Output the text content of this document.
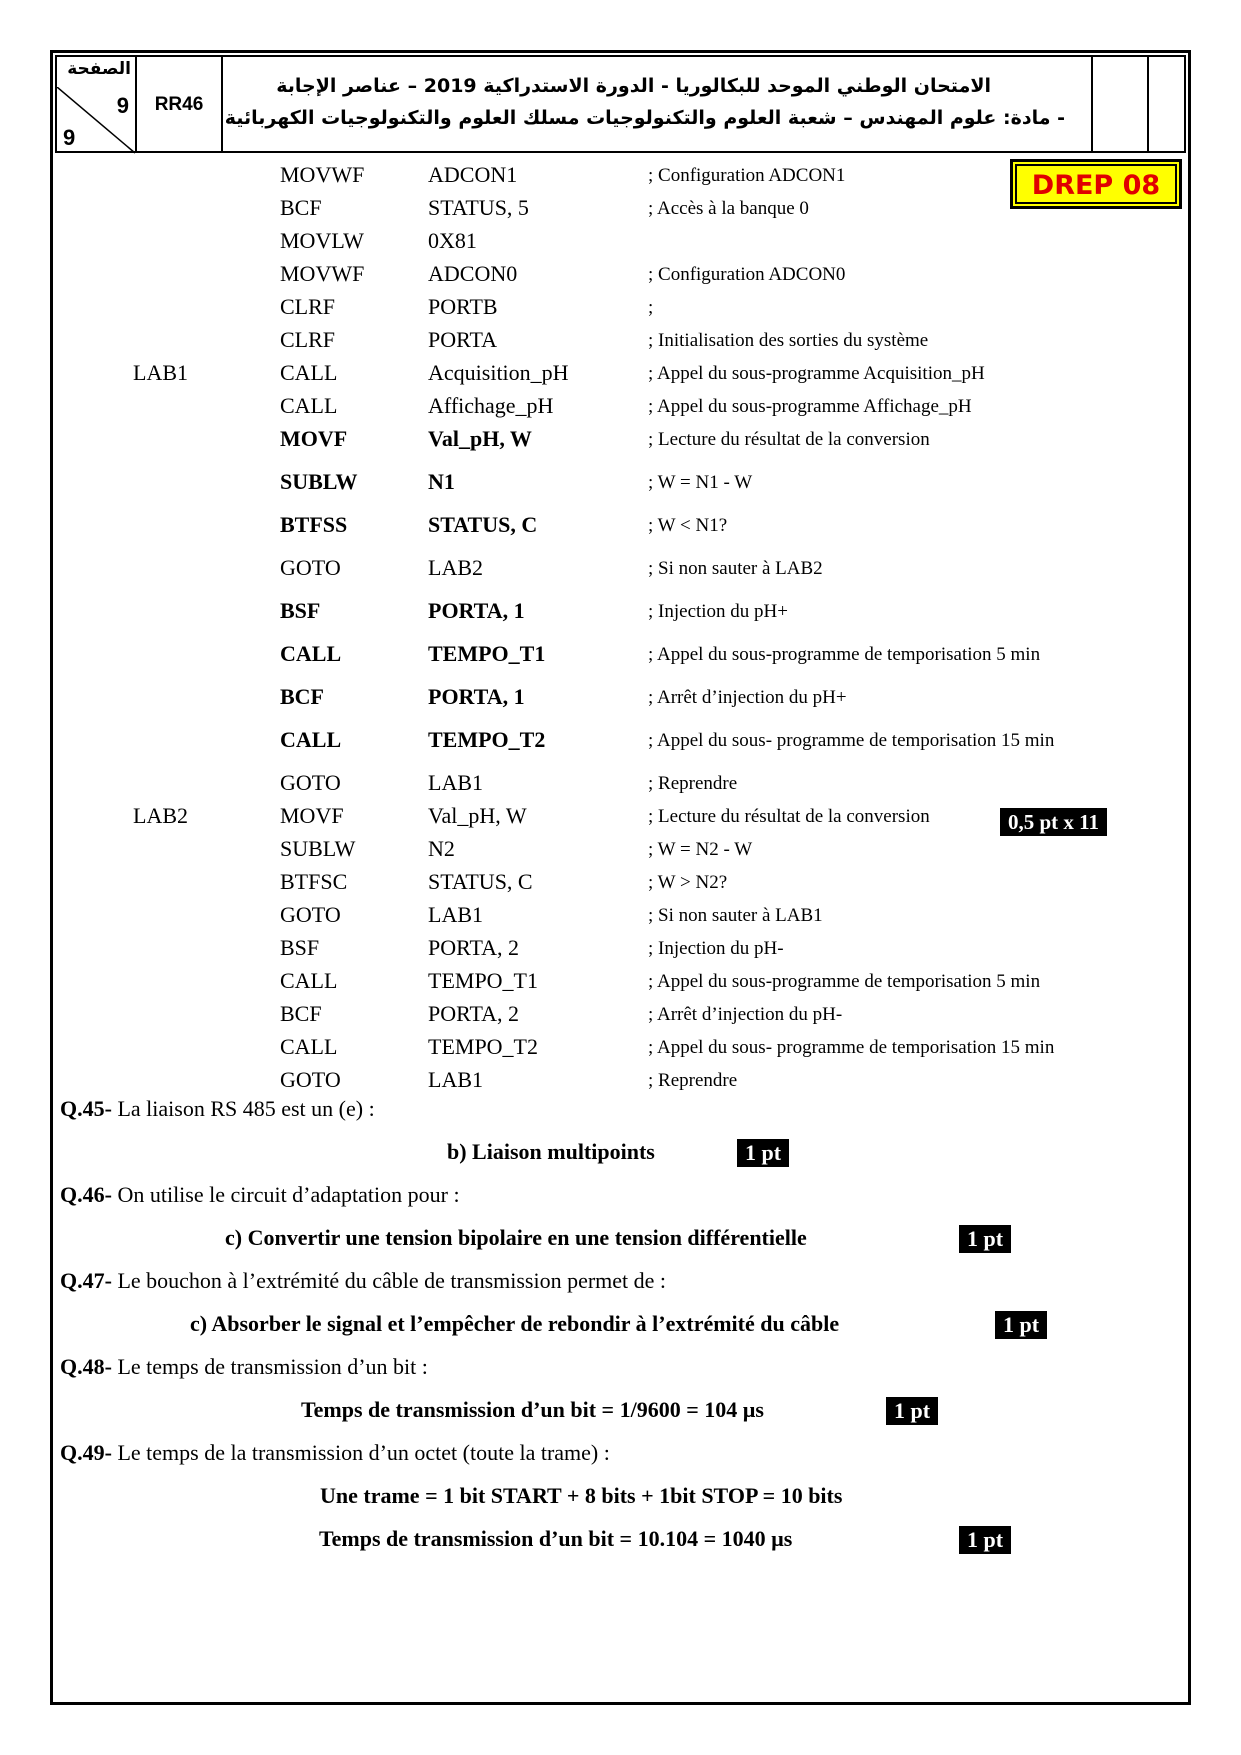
الصفحة
9
9
RR46
الامتحان الوطني الموحد للبكالوريا - الدورة الاستدراكية 2019 – عناصر الإجابة
- مادة: علوم المهندس – شعبة العلوم والتكنولوجيات مسلك العلوم والتكنولوجيات الكهربائية
DREP 08
MOVWF	ADCON1	; Configuration ADCON1
BCF	STATUS, 5	; Accès à la banque 0
MOVLW	0X81
MOVWF	ADCON0	; Configuration ADCON0
CLRF	PORTB	;
CLRF	PORTA	; Initialisation des sorties du système
LAB1	CALL	Acquisition_pH	; Appel du sous-programme Acquisition_pH
CALL	Affichage_pH	; Appel du sous-programme Affichage_pH
MOVF	Val_pH, W	; Lecture du résultat de la conversion
SUBLW	N1	; W = N1 - W
BTFSS	STATUS, C	; W < N1?
GOTO	LAB2	; Si non sauter à LAB2
BSF	PORTA, 1	; Injection du pH+
CALL	TEMPO_T1	; Appel du sous-programme de temporisation 5 min
BCF	PORTA, 1	; Arrêt d’injection du pH+
CALL	TEMPO_T2	; Appel du sous- programme de temporisation 15 min
GOTO	LAB1	; Reprendre
LAB2	MOVF	Val_pH, W	; Lecture du résultat de la conversion
SUBLW	N2	; W = N2 - W
BTFSC	STATUS, C	; W > N2?
GOTO	LAB1	; Si non sauter à LAB1
BSF	PORTA, 2	; Injection du pH-
CALL	TEMPO_T1	; Appel du sous-programme de temporisation 5 min
BCF	PORTA, 2	; Arrêt d’injection du pH-
CALL	TEMPO_T2	; Appel du sous- programme de temporisation 15 min
GOTO	LAB1	; Reprendre
0,5 pt x 11
Q.45- La liaison RS 485 est un (e) :
b) Liaison multipoints	1 pt
Q.46- On utilise le circuit d’adaptation pour :
c) Convertir une tension bipolaire en une tension différentielle	1 pt
Q.47- Le bouchon à l’extrémité du câble de transmission permet de :
c) Absorber le signal et l’empêcher de rebondir à l’extrémité du câble	1 pt
Q.48- Le temps de transmission d’un bit :
Temps de transmission d’un bit = 1/9600 = 104 µs	1 pt
Q.49- Le temps de la transmission d’un octet (toute la trame) :
Une trame = 1 bit START + 8 bits + 1bit STOP = 10 bits
Temps de transmission d’un bit = 10.104 = 1040 µs	1 pt
